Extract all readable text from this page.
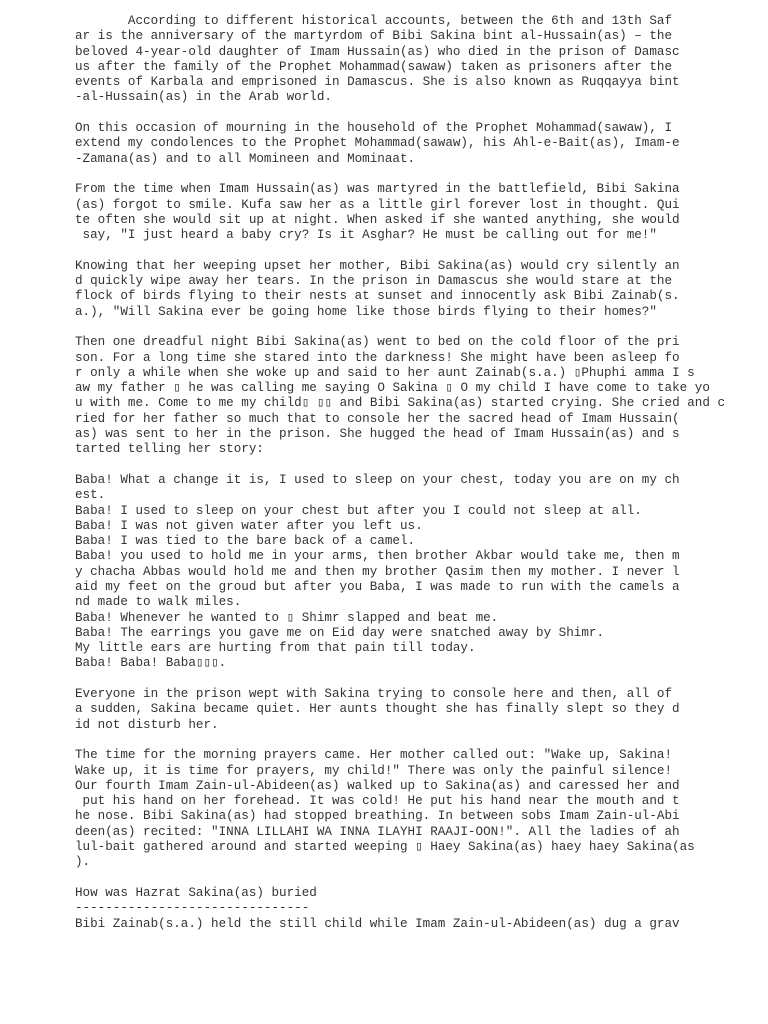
According to different historical accounts, between the 6th and 13th Saf
ar is the anniversary of the martyrdom of Bibi Sakina bint al-Hussain(as) – the
beloved 4-year-old daughter of Imam Hussain(as) who died in the prison of Damasc
us after the family of the Prophet Mohammad(sawaw) taken as prisoners after the
events of Karbala and emprisoned in Damascus. She is also known as Ruqqayya bint
-al-Hussain(as) in the Arab world.
On this occasion of mourning in the household of the Prophet Mohammad(sawaw), I
extend my condolences to the Prophet Mohammad(sawaw), his Ahl-e-Bait(as), Imam-e
-Zamana(as) and to all Momineen and Mominaat.
From the time when Imam Hussain(as) was martyred in the battlefield, Bibi Sakina
(as) forgot to smile. Kufa saw her as a little girl forever lost in thought. Qui
te often she would sit up at night. When asked if she wanted anything, she would
say, "I just heard a baby cry? Is it Asghar? He must be calling out for me!"
Knowing that her weeping upset her mother, Bibi Sakina(as) would cry silently an
d quickly wipe away her tears. In the prison in Damascus she would stare at the
flock of birds flying to their nests at sunset and innocently ask Bibi Zainab(s.
a.), "Will Sakina ever be going home like those birds flying to their homes?"
Then one dreadful night Bibi Sakina(as) went to bed on the cold floor of the pri
son. For a long time she stared into the darkness! She might have been asleep fo
r only a while when she woke up and said to her aunt Zainab(s.a.) ▯Phuphi amma I s
aw my father ▯ he was calling me saying O Sakina ▯ O my child I have come to take yo
u with me. Come to me my child▯ ▯▯ and Bibi Sakina(as) started crying. She cried and c
ried for her father so much that to console her the sacred head of Imam Hussain(
as) was sent to her in the prison. She hugged the head of Imam Hussain(as) and s
tarted telling her story:
Baba! What a change it is, I used to sleep on your chest, today you are on my ch
est.
Baba! I used to sleep on your chest but after you I could not sleep at all.
Baba! I was not given water after you left us.
Baba! I was tied to the bare back of a camel.
Baba! you used to hold me in your arms, then brother Akbar would take me, then m
y chacha Abbas would hold me and then my brother Qasim then my mother. I never l
aid my feet on the groud but after you Baba, I was made to run with the camels a
nd made to walk miles.
Baba! Whenever he wanted to ▯ Shimr slapped and beat me.
Baba! The earrings you gave me on Eid day were snatched away by Shimr.
My little ears are hurting from that pain till today.
Baba! Baba! Baba▯▯▯.
Everyone in the prison wept with Sakina trying to console here and then, all of
a sudden, Sakina became quiet. Her aunts thought she has finally slept so they d
id not disturb her.
The time for the morning prayers came. Her mother called out: "Wake up, Sakina!
Wake up, it is time for prayers, my child!" There was only the painful silence!
Our fourth Imam Zain-ul-Abideen(as) walked up to Sakina(as) and caressed her and
put his hand on her forehead. It was cold! He put his hand near the mouth and t
he nose. Bibi Sakina(as) had stopped breathing. In between sobs Imam Zain-ul-Abi
deen(as) recited: "INNA LILLAHI WA INNA ILAYHI RAAJI-OON!". All the ladies of ah
lul-bait gathered around and started weeping ▯ Haey Sakina(as) haey haey Sakina(as
).
How was Hazrat Sakina(as) buried
-------------------------------
Bibi Zainab(s.a.) held the still child while Imam Zain-ul-Abideen(as) dug a grav
